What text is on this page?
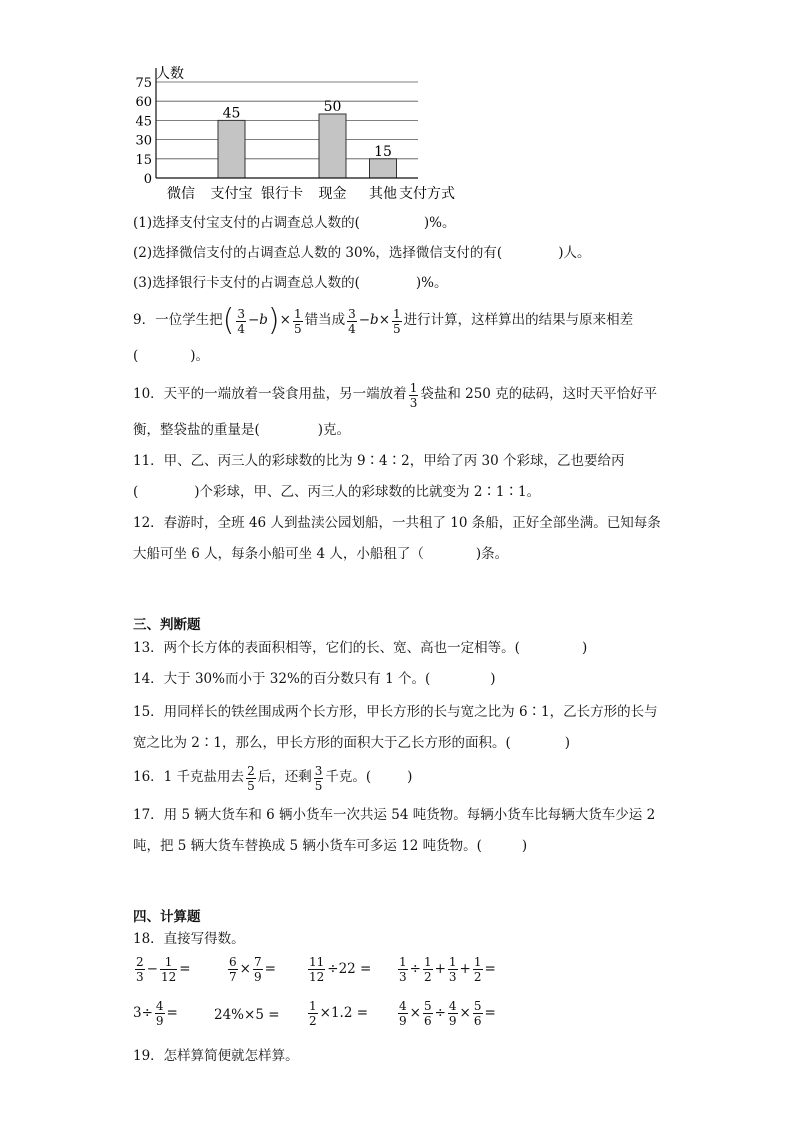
0
15
30
45
60
75
微信 支付宝 银行卡 现金 其他
45	50
15
人数
支付方式
(1)选择支付宝支付的占调查总人数的(	)%。
(2)选择微信支付的占调查总人数的 30%，选择微信支付的有(	)人。
(3)选择银行卡支付的占调查总人数的(	)%。
9．一位学生把 ( $\frac{3}{4} -b$ ) × $\frac{1}{5}$ 错当成 $\frac{3}{4} -b\times \frac{1}{5}$ 进行计算，这样算出的结果与原来相差
(	)。
10．天平的一端放着一袋食用盐，另一端放着 $\frac{1}{3}$ 袋盐和 250 克的砝码，这时天平恰好平
衡，整袋盐的重量是(	)克。
11．甲、乙、丙三人的彩球数的比为 9∶4∶2，甲给了丙 30 个彩球，乙也要给丙
(	)个彩球，甲、乙、丙三人的彩球数的比就变为 2∶1∶1。
12．春游时，全班 46 人到盐渎公园划船，一共租了 10 条船，正好全部坐满。已知每条
大船可坐 6 人，每条小船可坐 4 人，小船租了（	)条。
三、判断题
13．两个长方体的表面积相等，它们的长、宽、高也一定相等。(	)
14．大于 30%而小于 32%的百分数只有 1 个。(	)
15．用同样长的铁丝围成两个长方形，甲长方形的长与宽之比为 6∶1，乙长方形的长与
宽之比为 2∶1，那么，甲长方形的面积大于乙长方形的面积。(	)
16．1 千克盐用去 $\frac{2}{5}$ 后，还剩 $\frac{3}{5}$ 千克。(	)
17．用 5 辆大货车和 6 辆小货车一次共运 54 吨货物。每辆小货车比每辆大货车少运 2
吨，把 5 辆大货车替换成 5 辆小货车可多运 12 吨货物。(	)
四、计算题
18．直接写得数。
$\frac{2}{3} - \frac{1}{12}$ =	$\frac{6}{7} \times \frac{7}{9}$ =	$\frac{11}{12} \div 22 = \frac{1}{3} \div \frac{1}{2} + \frac{1}{3} + \frac{1}{2}$ =
$3\div \frac{4}{9}$ =	$24\%\times 5 = \frac{1}{2} \times 1.2 = \frac{4}{9} \times \frac{5}{6} \div \frac{4}{9} \times \frac{5}{6}$ =
19．怎样算简便就怎样算。
